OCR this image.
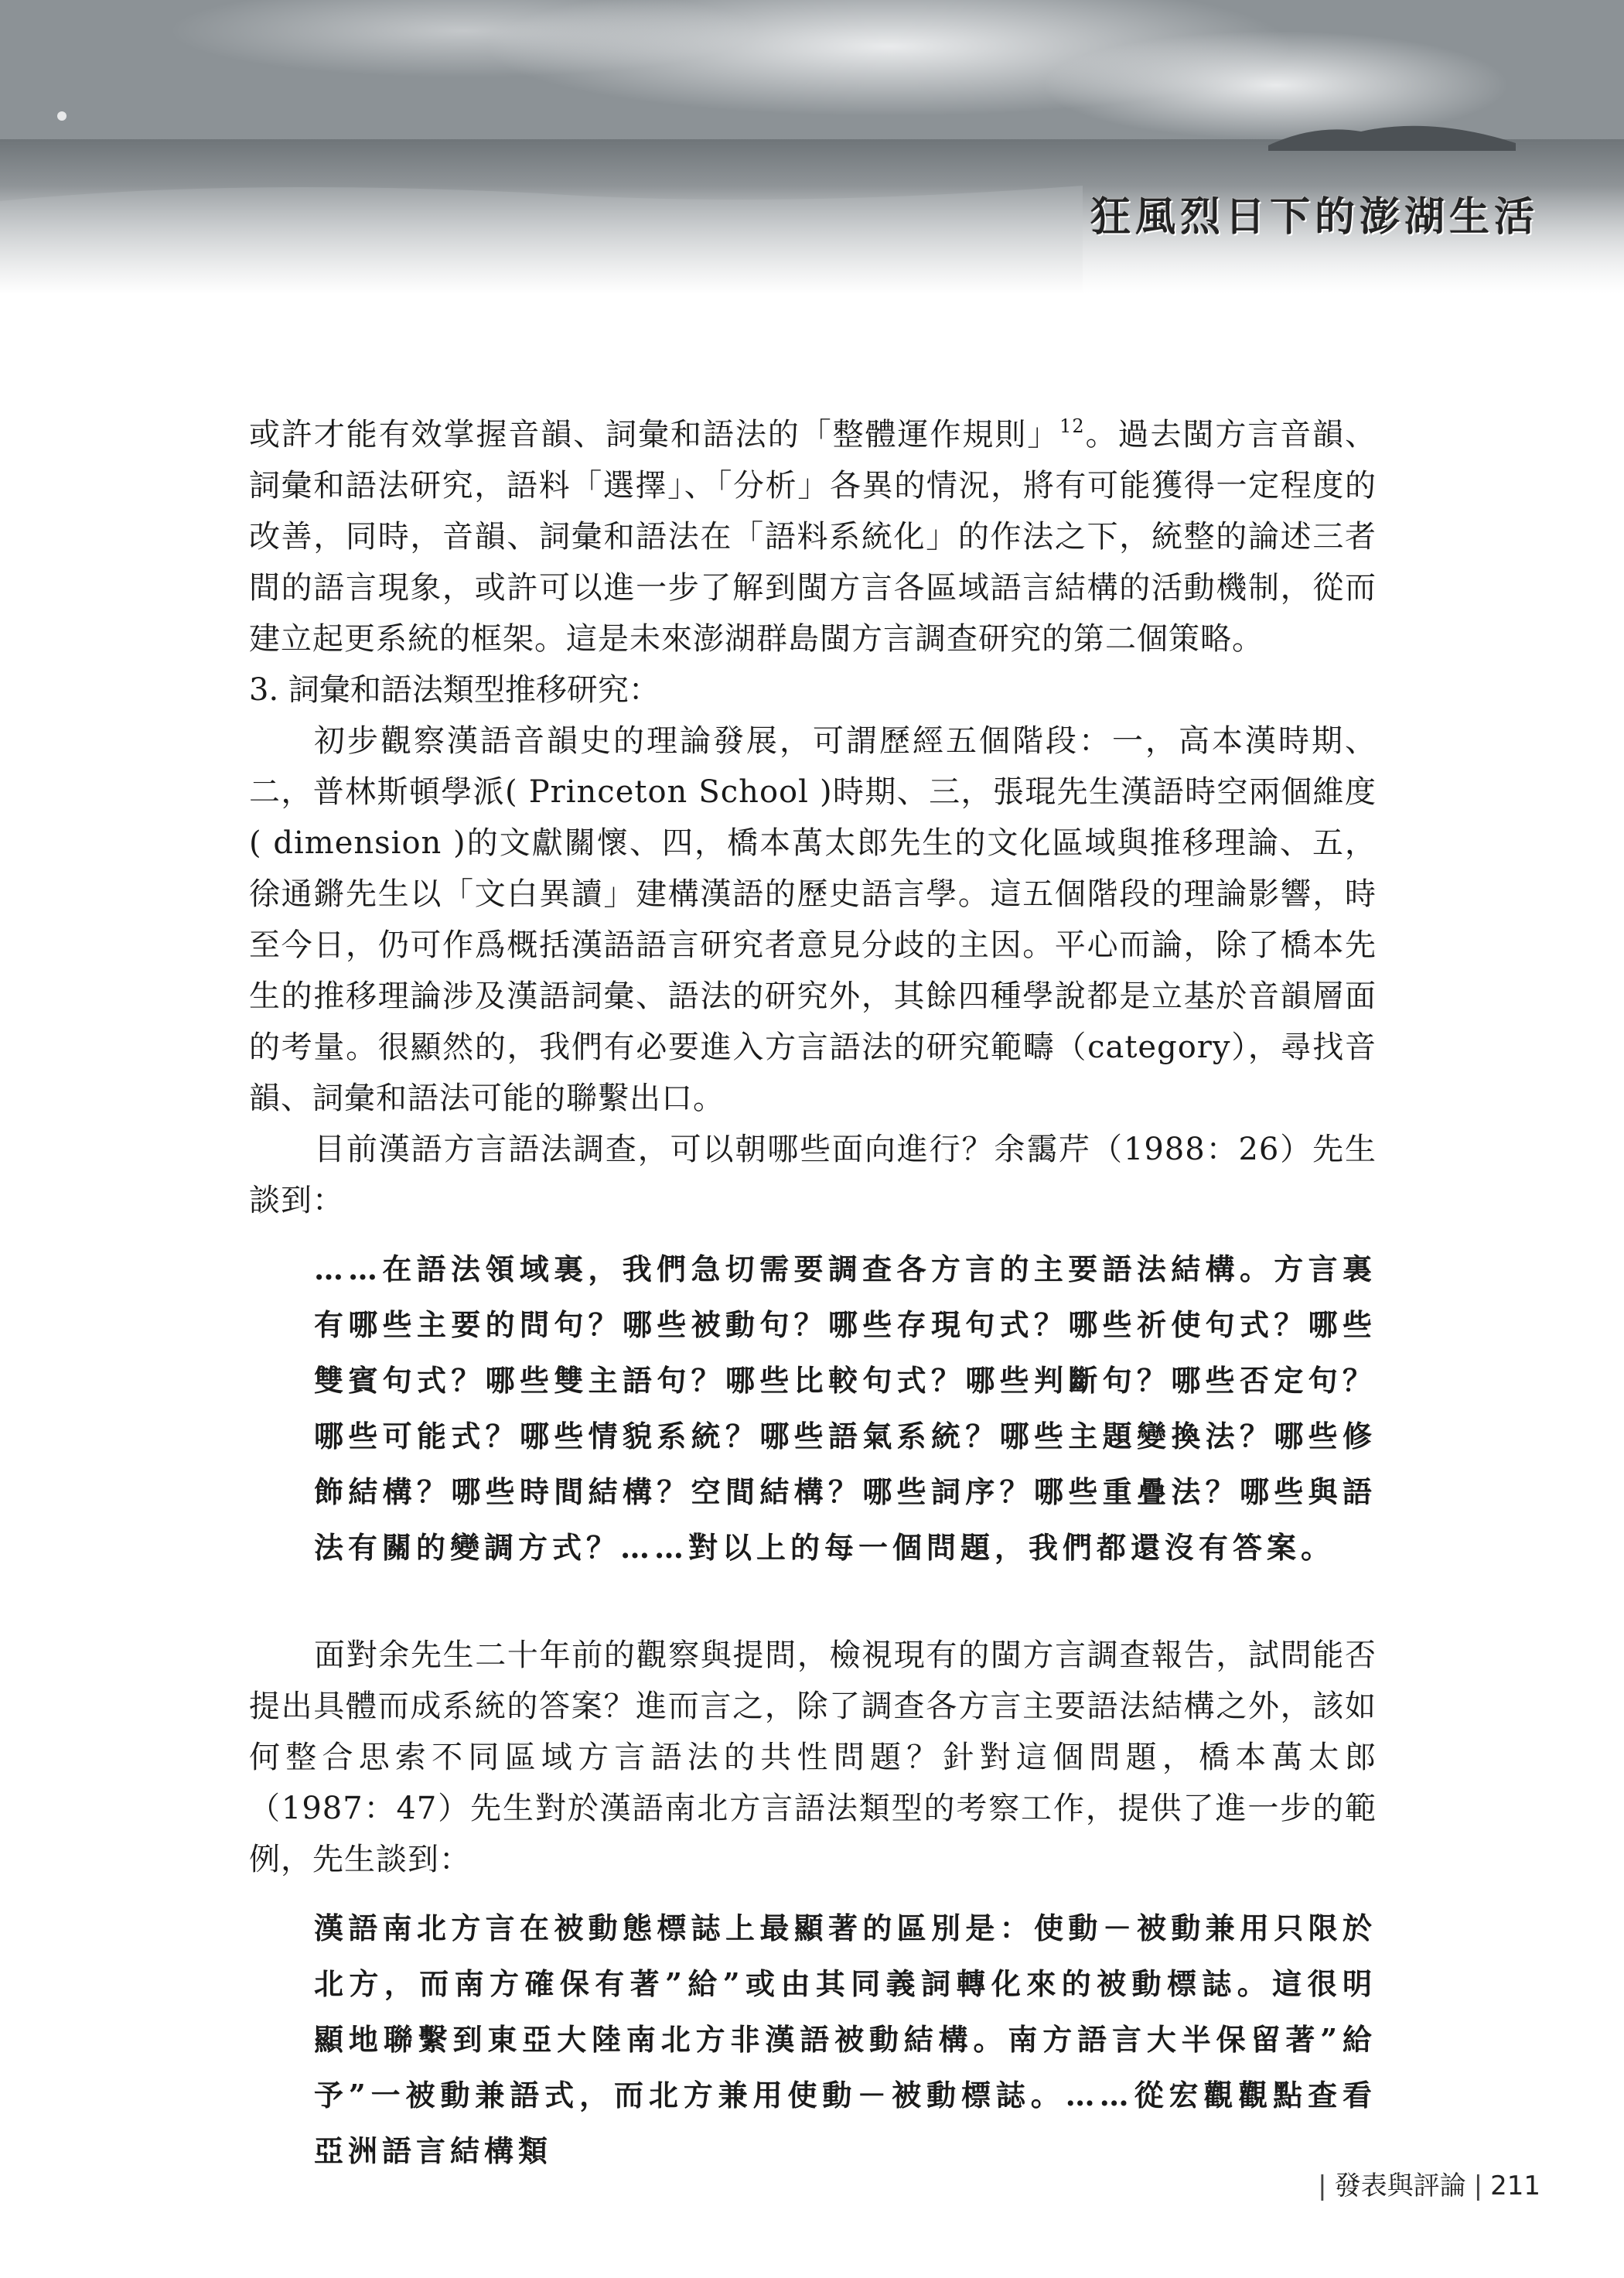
狂風烈日下的澎湖生活

或許才能有效掌握音韻、詞彙和語法的「整體運作規則」$^{12}$。過去閩方言音韻、詞彙和語法研究，語料「選擇」、「分析」各異的情況，將有可能獲得一定程度的改善，同時，音韻、詞彙和語法在「語料系統化」的作法之下，統整的論述三者間的語言現象，或許可以進一步了解到閩方言各區域語言結構的活動機制，從而建立起更系統的框架。這是未來澎湖群島閩方言調查研究的第二個策略。

3. 詞彙和語法類型推移研究：

初步觀察漢語音韻史的理論發展，可謂歷經五個階段：一，高本漢時期、二，普林斯頓學派( Princeton School )時期、三，張琨先生漢語時空兩個維度( dimension )的文獻關懷、四，橋本萬太郎先生的文化區域與推移理論、五，徐通鏘先生以「文白異讀」建構漢語的歷史語言學。這五個階段的理論影響，時至今日，仍可作爲概括漢語語言研究者意見分歧的主因。平心而論，除了橋本先生的推移理論涉及漢語詞彙、語法的研究外，其餘四種學說都是立基於音韻層面的考量。很顯然的，我們有必要進入方言語法的研究範疇（category），尋找音韻、詞彙和語法可能的聯繫出口。

目前漢語方言語法調查，可以朝哪些面向進行？余靄芹（1988：26）先生談到：

……在語法領域裏，我們急切需要調查各方言的主要語法結構。方言裏有哪些主要的問句？哪些被動句？哪些存現句式？哪些祈使句式？哪些雙賓句式？哪些雙主語句？哪些比較句式？哪些判斷句？哪些否定句？哪些可能式？哪些情貌系統？哪些語氣系統？哪些主題變換法？哪些修飾結構？哪些時間結構？空間結構？哪些詞序？哪些重疊法？哪些與語法有關的變調方式？……對以上的每一個問題，我們都還沒有答案。

面對余先生二十年前的觀察與提問，檢視現有的閩方言調查報告，試問能否提出具體而成系統的答案？進而言之，除了調查各方言主要語法結構之外，該如何整合思索不同區域方言語法的共性問題？針對這個問題，橋本萬太郎（1987：47）先生對於漢語南北方言語法類型的考察工作，提供了進一步的範例，先生談到：

漢語南北方言在被動態標誌上最顯著的區別是：使動－被動兼用只限於北方，而南方確保有著”給”或由其同義詞轉化來的被動標誌。這很明顯地聯繫到東亞大陸南北方非漢語被動結構。南方語言大半保留著”給予”一被動兼語式，而北方兼用使動－被動標誌。……從宏觀觀點查看亞洲語言結構類

| 發表與評論 | 211
